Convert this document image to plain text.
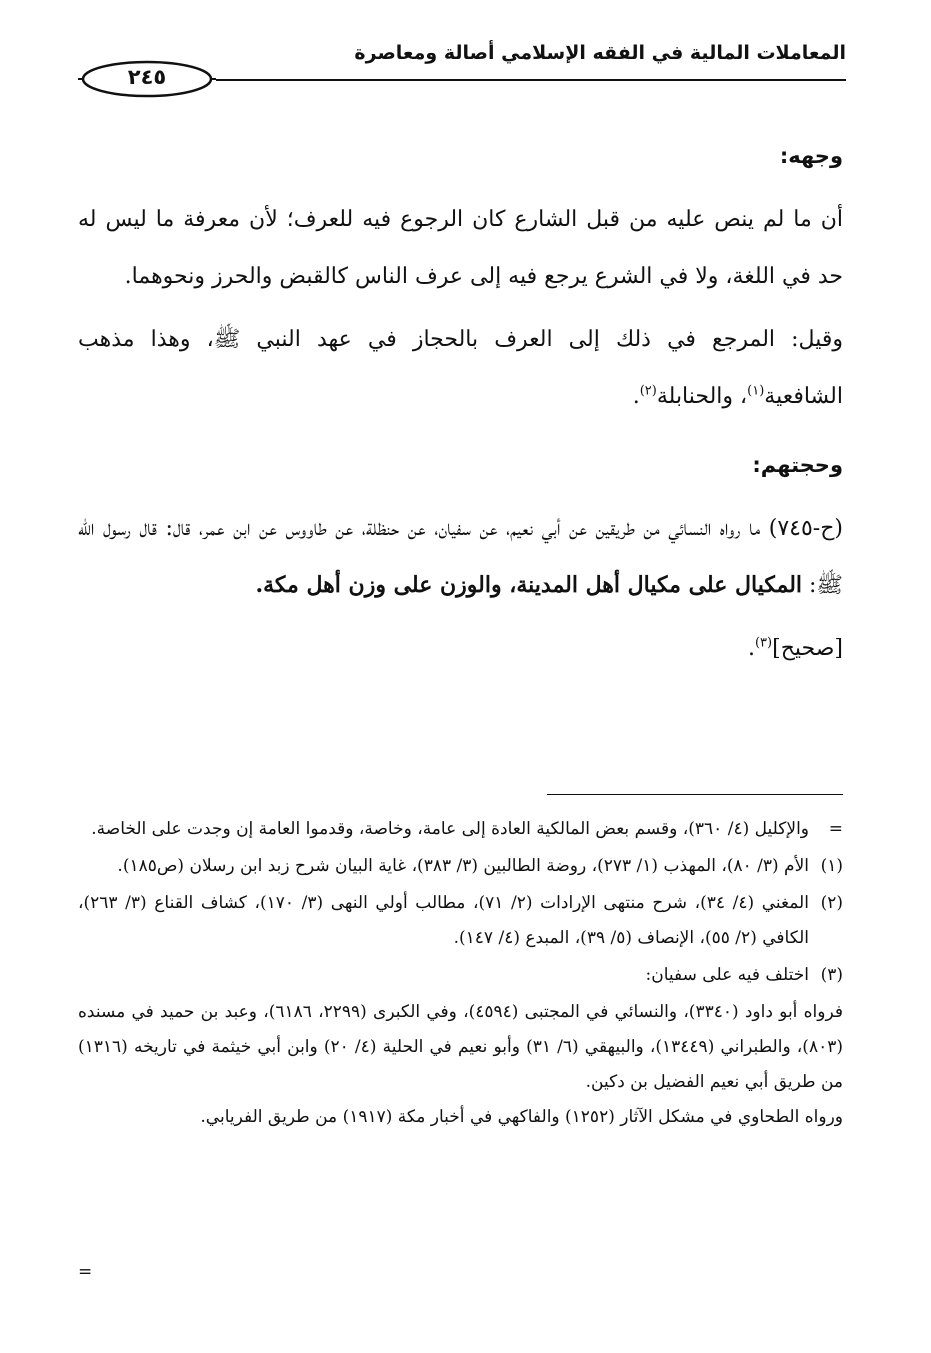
المعاملات المالية في الفقه الإسلامي أصالة ومعاصرة
٢٤٥

وجهه:

أن ما لم ينص عليه من قبل الشارع كان الرجوع فيه للعرف؛ لأن معرفة ما ليس له حد في اللغة، ولا في الشرع يرجع فيه إلى عرف الناس كالقبض والحرز ونحوهما.

وقيل: المرجع في ذلك إلى العرف بالحجاز في عهد النبي ﷺ، وهذا مذهب الشافعية$^{(١)}$، والحنابلة$^{(٢)}$.

وحجتهم:

(ح-٧٤٥) ما رواه النسائي من طريقين عن أبي نعيم، عن سفيان، عن حنظلة، عن طاووس عن ابن عمر، قال: قال رسول الله ﷺ: المكيال على مكيال أهل المدينة، والوزن على وزن أهل مكة.

[صحيح]$^{(٣)}$.

=
والإكليل (٤/ ٣٦٠)، وقسم بعض المالكية العادة إلى عامة، وخاصة، وقدموا العامة إن وجدت على الخاصة.
(١)
الأم (٣/ ٨٠)، المهذب (١/ ٢٧٣)، روضة الطالبين (٣/ ٣٨٣)، غاية البيان شرح زبد ابن رسلان (ص١٨٥).
(٢)
المغني (٤/ ٣٤)، شرح منتهى الإرادات (٢/ ٧١)، مطالب أولي النهى (٣/ ١٧٠)، كشاف القناع (٣/ ٢٦٣)، الكافي (٢/ ٥٥)، الإنصاف (٥/ ٣٩)، المبدع (٤/ ١٤٧).
(٣)
اختلف فيه على سفيان:

فرواه أبو داود (٣٣٤٠)، والنسائي في المجتبى (٤٥٩٤)، وفي الكبرى (٢٢٩٩، ٦١٨٦)، وعبد بن حميد في مسنده (٨٠٣)، والطبراني (١٣٤٤٩)، والبيهقي (٦/ ٣١) وأبو نعيم في الحلية (٤/ ٢٠) وابن أبي خيثمة في تاريخه (١٣١٦) من طريق أبي نعيم الفضيل بن دكين.

ورواه الطحاوي في مشكل الآثار (١٢٥٢) والفاكهي في أخبار مكة (١٩١٧) من طريق الفريابي.

=
